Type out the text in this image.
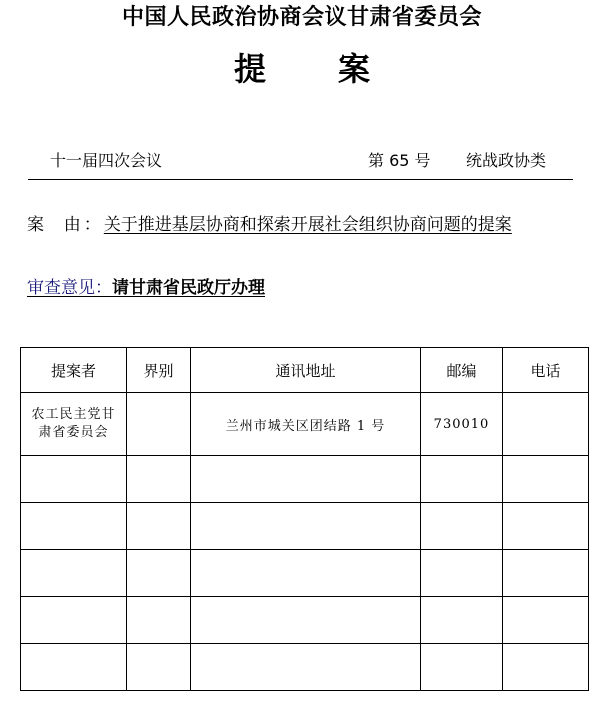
中国人民政治协商会议甘肃省委员会
提 案
十一届四次会议	第 65 号 统战政协类
案  由：关于推进基层协商和探索开展社会组织协商问题的提案
审查意见：请甘肃省民政厅办理
提案者	界别	通讯地址	邮编	电话
农工民主党甘肃省委员会		兰州市城关区团结路 1 号	730010	
